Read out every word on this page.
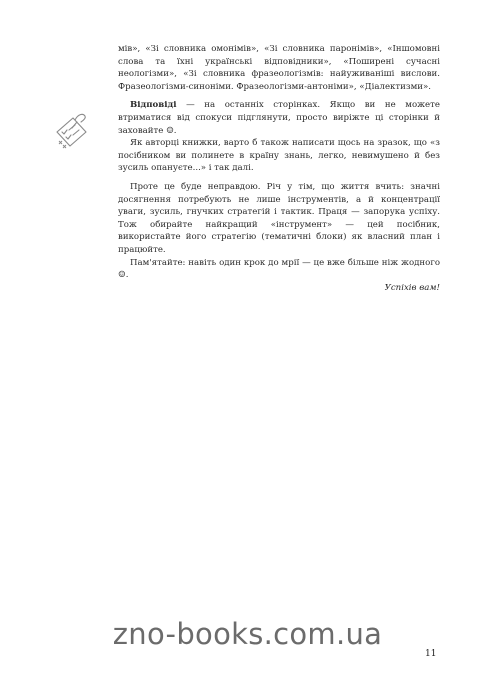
мів», «Зі словника омонімів», «Зі словника паронімів», «Іншомовні слова та їхні українські відповідники», «Поширені сучасні неологізми», «Зі словника фразеологізмів: найуживаніші вислови. Фразеологізми-синоніми. Фразеологізми-антоніми», «Діалектизми».

Відповіді — на останніх сторінках. Якщо ви не можете втриматися від спокуси підглянути, просто виріжте ці сторінки й заховайте ☺.

Як авторці книжки, варто б також написати щось на зразок, що «з посібником ви полинете в країну знань, легко, невимушено й без зусиль опануєте...» і так далі.

Проте це буде неправдою. Річ у тім, що життя вчить: значні досягнення потребують не лише інструментів, а й концентрації уваги, зусиль, гнучких стратегій і тактик. Праця — запорука успіху. Тож обирайте найкращий «інструмент» — цей посібник, використайте його стратегію (тематичні блоки) як власний план і працюйте.

Пам'ятайте: навіть один крок до мрії — це вже більше ніж жодного ☺.

Успіхів вам!

zno-books.com.ua
11
